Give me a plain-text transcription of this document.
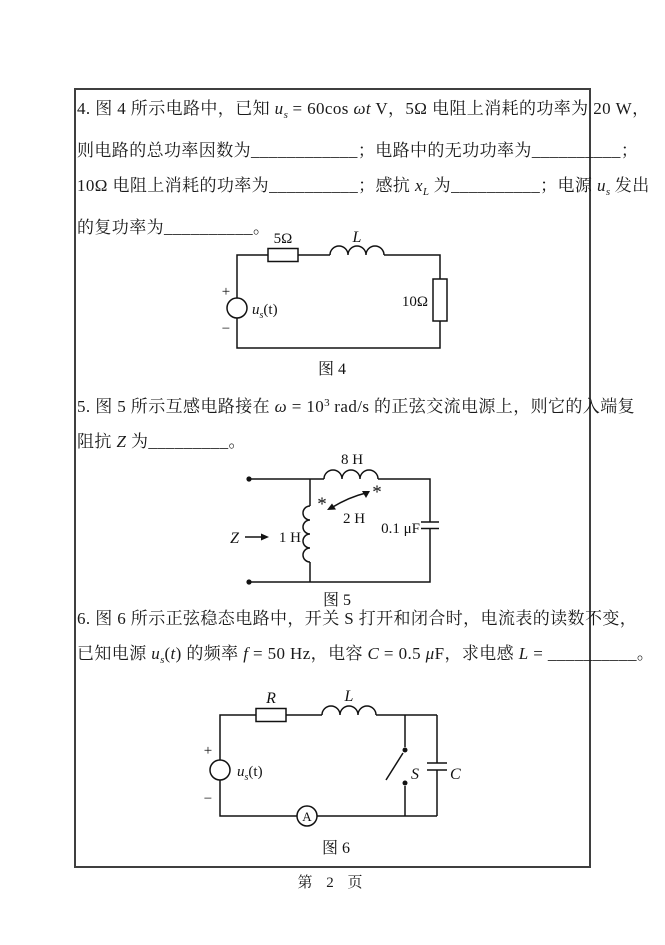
4. 图 4 所示电路中，已知 $u_s = 60\cos$ ωt V，5Ω 电阻上消耗的功率为 20 W，
则电路的总功率因数为____________；电路中的无功功率为__________；
10Ω 电阻上消耗的功率为__________；感抗 $x_L$ 为__________；电源 $u_s$ 发出
的复功率为__________。
5Ω	L
10Ω
+
−
$u_s(t)$
图 4
5. 图 5 所示互感电路接在 $\omega = 10^3$ rad/s 的正弦交流电源上，则它的入端复
阻抗 Z 为_________。
8 H
*
*
2 H
1 H
0.1 μF
Z
图 5
6. 图 6 所示正弦稳态电路中，开关 S 打开和闭合时，电流表的读数不变，
已知电源 $u_s(t)$ 的频率 f = 50 Hz，电容 C = 0.5 μF，求电感 L = __________。
R	L
+
−
$u_s(t)$	S C
A
图 6
第 2 页
